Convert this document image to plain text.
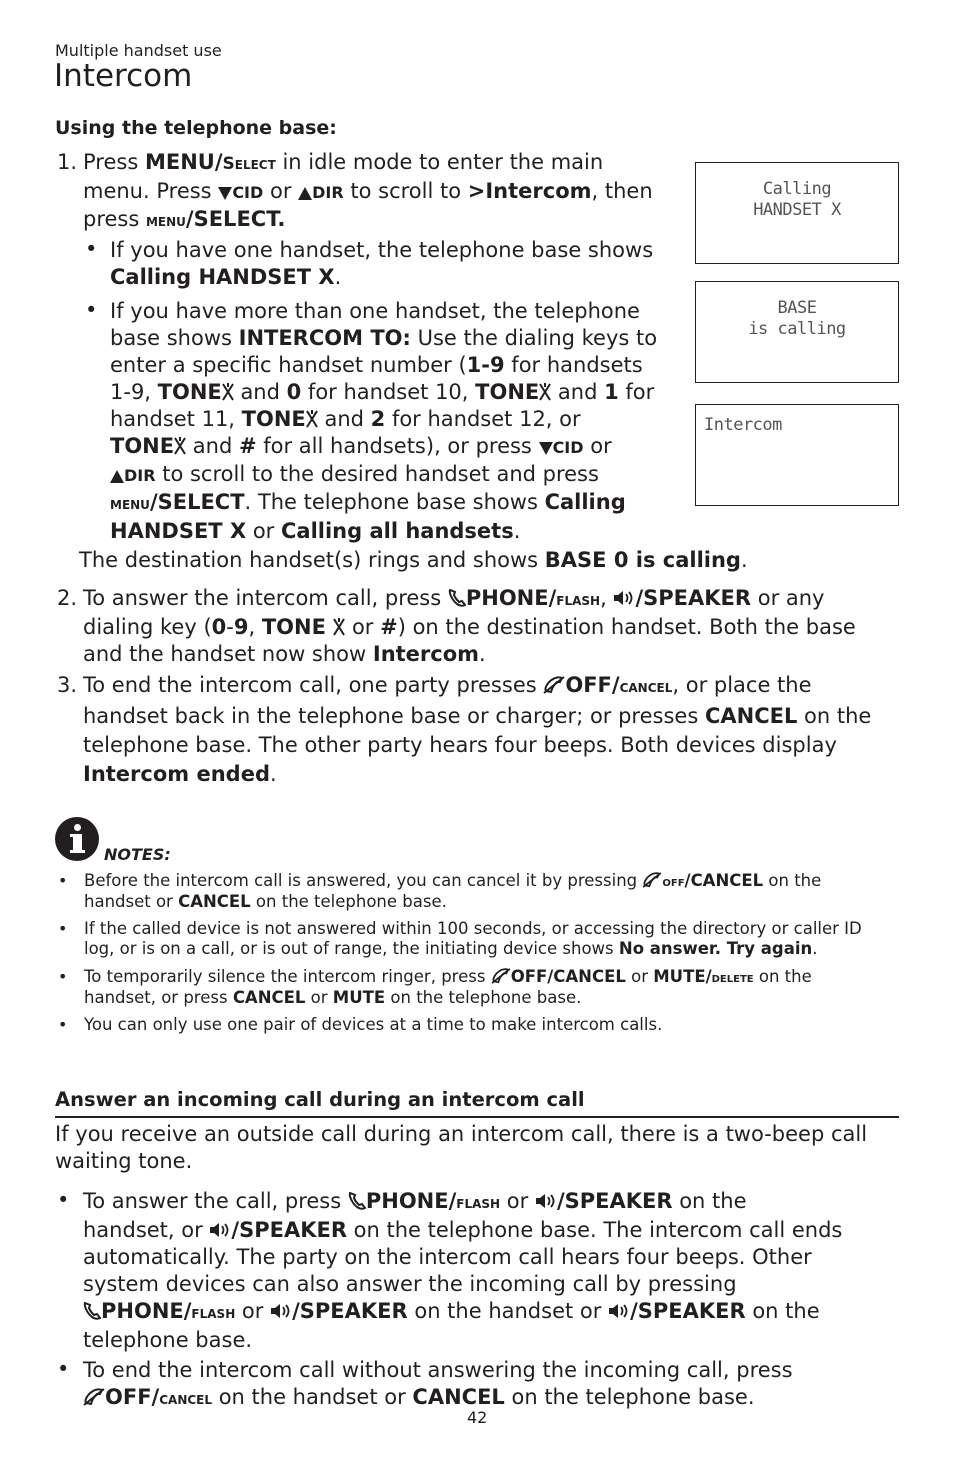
Multiple handset use
Intercom
Using the telephone base:
1. Press MENU/Select in idle mode to enter the main
menu. Press CID or DIR to scroll to >Intercom, then
press menu/SELECT.
• If you have one handset, the telephone base shows
Calling HANDSET X.
• If you have more than one handset, the telephone
base shows INTERCOM TO: Use the dialing keys to
enter a specific handset number (1-9 for handsets
1-9, TONE and 0 for handset 10, TONE and 1 for
handset 11, TONE and 2 for handset 12, or
TONE and # for all handsets), or press CID or
DIR to scroll to the desired handset and press
menu/SELECT. The telephone base shows Calling
HANDSET X or Calling all handsets.
Calling
HANDSET X
BASE
is calling
Intercom
The destination handset(s) rings and shows BASE 0 is calling.
2. To answer the intercom call, press PHONE/flash, /SPEAKER or any
dialing key (0-9, TONE  or #) on the destination handset. Both the base
and the handset now show Intercom.
3. To end the intercom call, one party presses OFF/cancel, or place the
handset back in the telephone base or charger; or presses CANCEL on the
telephone base. The other party hears four beeps. Both devices display
Intercom ended.
NOTES:
• Before the intercom call is answered, you can cancel it by pressing off/CANCEL on the
handset or CANCEL on the telephone base.
• If the called device is not answered within 100 seconds, or accessing the directory or caller ID
log, or is on a call, or is out of range, the initiating device shows No answer. Try again.
• To temporarily silence the intercom ringer, press OFF/CANCEL or MUTE/delete on the
handset, or press CANCEL or MUTE on the telephone base.
• You can only use one pair of devices at a time to make intercom calls.
Answer an incoming call during an intercom call
If you receive an outside call during an intercom call, there is a two-beep call
waiting tone.
• To answer the call, press PHONE/flash or /SPEAKER on the
handset, or /SPEAKER on the telephone base. The intercom call ends
automatically. The party on the intercom call hears four beeps. Other
system devices can also answer the incoming call by pressing
PHONE/flash or /SPEAKER on the handset or /SPEAKER on the
telephone base.
• To end the intercom call without answering the incoming call, press
OFF/cancel on the handset or CANCEL on the telephone base.
42
